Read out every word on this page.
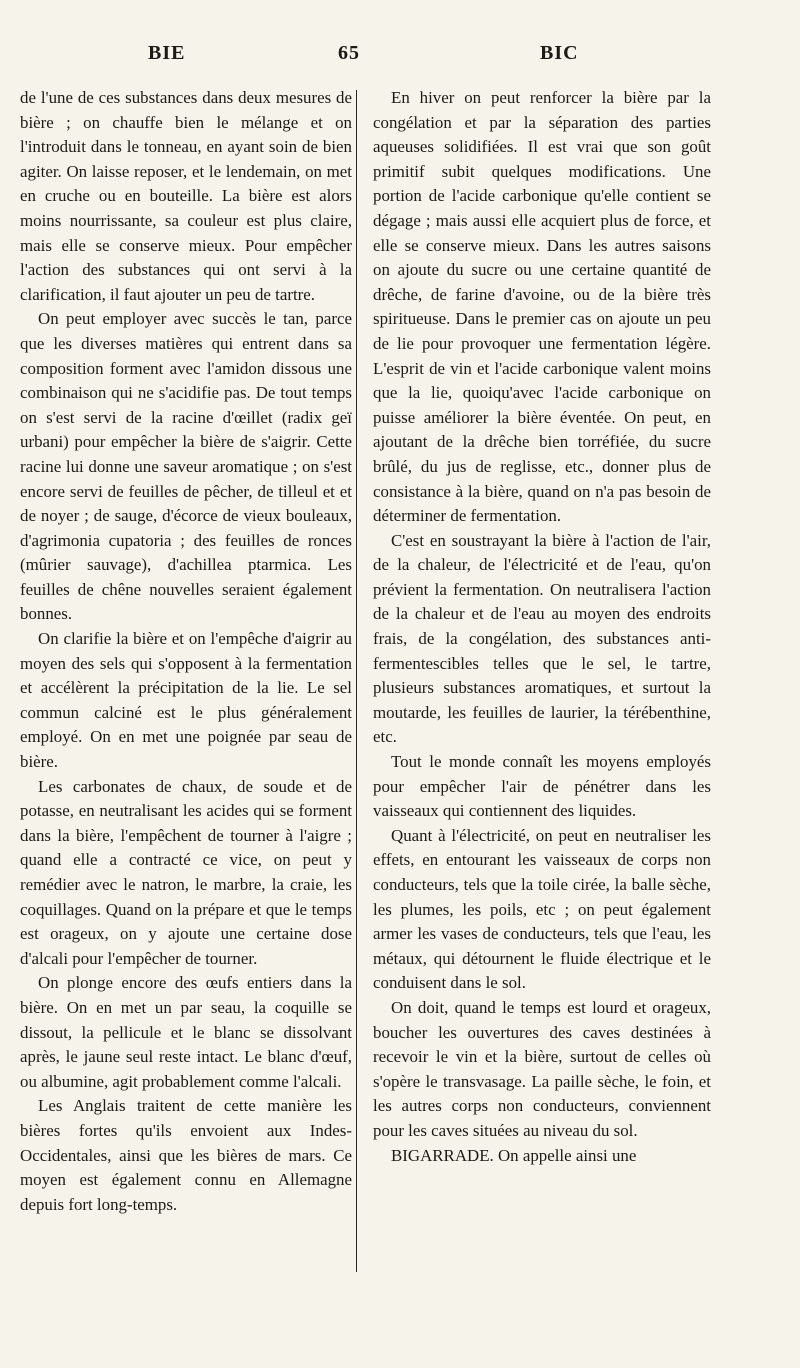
BIE	65	BIC

de l'une de ces substances dans deux mesures de bière ; on chauffe bien le mélange et on l'introduit dans le tonneau, en ayant soin de bien agiter. On laisse reposer, et le lendemain, on met en cruche ou en bouteille. La bière est alors moins nourrissante, sa couleur est plus claire, mais elle se conserve mieux. Pour empêcher l'action des substances qui ont servi à la clarification, il faut ajouter un peu de tartre.

On peut employer avec succès le tan, parce que les diverses matières qui entrent dans sa composition forment avec l'amidon dissous une combinaison qui ne s'acidifie pas. De tout temps on s'est servi de la racine d'œillet (radix geï urbani) pour empêcher la bière de s'aigrir. Cette racine lui donne une saveur aromatique ; on s'est encore servi de feuilles de pêcher, de tilleul et et de noyer ; de sauge, d'écorce de vieux bouleaux, d'agrimonia cupatoria ; des feuilles de ronces (mûrier sauvage), d'achillea ptarmica. Les feuilles de chêne nouvelles seraient également bonnes.

On clarifie la bière et on l'empêche d'aigrir au moyen des sels qui s'opposent à la fermentation et accélèrent la précipitation de la lie. Le sel commun calciné est le plus généralement employé. On en met une poignée par seau de bière.

Les carbonates de chaux, de soude et de potasse, en neutralisant les acides qui se forment dans la bière, l'empêchent de tourner à l'aigre ; quand elle a contracté ce vice, on peut y remédier avec le natron, le marbre, la craie, les coquillages. Quand on la prépare et que le temps est orageux, on y ajoute une certaine dose d'alcali pour l'empêcher de tourner.

On plonge encore des œufs entiers dans la bière. On en met un par seau, la coquille se dissout, la pellicule et le blanc se dissolvant après, le jaune seul reste intact. Le blanc d'œuf, ou albumine, agit probablement comme l'alcali.

Les Anglais traitent de cette manière les bières fortes qu'ils envoient aux Indes-Occidentales, ainsi que les bières de mars. Ce moyen est également connu en Allemagne depuis fort long-temps.

En hiver on peut renforcer la bière par la congélation et par la séparation des parties aqueuses solidifiées. Il est vrai que son goût primitif subit quelques modifications. Une portion de l'acide carbonique qu'elle contient se dégage ; mais aussi elle acquiert plus de force, et elle se conserve mieux. Dans les autres saisons on ajoute du sucre ou une certaine quantité de drêche, de farine d'avoine, ou de la bière très spiritueuse. Dans le premier cas on ajoute un peu de lie pour provoquer une fermentation légère. L'esprit de vin et l'acide carbonique valent moins que la lie, quoiqu'avec l'acide carbonique on puisse améliorer la bière éventée. On peut, en ajoutant de la drêche bien torréfiée, du sucre brûlé, du jus de reglisse, etc., donner plus de consistance à la bière, quand on n'a pas besoin de déterminer de fermentation.

C'est en soustrayant la bière à l'action de l'air, de la chaleur, de l'électricité et de l'eau, qu'on prévient la fermentation. On neutralisera l'action de la chaleur et de l'eau au moyen des endroits frais, de la congélation, des substances anti-fermentescibles telles que le sel, le tartre, plusieurs substances aromatiques, et surtout la moutarde, les feuilles de laurier, la térébenthine, etc.

Tout le monde connaît les moyens employés pour empêcher l'air de pénétrer dans les vaisseaux qui contiennent des liquides.

Quant à l'électricité, on peut en neutraliser les effets, en entourant les vaisseaux de corps non conducteurs, tels que la toile cirée, la balle sèche, les plumes, les poils, etc ; on peut également armer les vases de conducteurs, tels que l'eau, les métaux, qui détournent le fluide électrique et le conduisent dans le sol.

On doit, quand le temps est lourd et orageux, boucher les ouvertures des caves destinées à recevoir le vin et la bière, surtout de celles où s'opère le transvasage. La paille sèche, le foin, et les autres corps non conducteurs, conviennent pour les caves situées au niveau du sol.

BIGARRADE. On appelle ainsi une
